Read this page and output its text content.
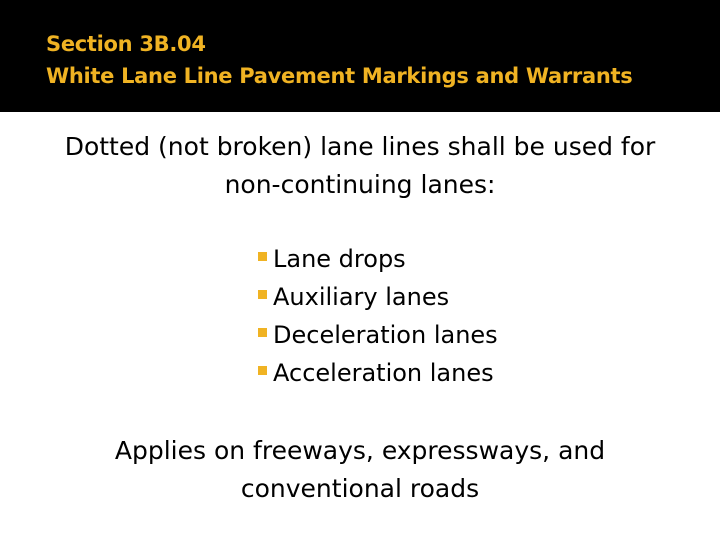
Section 3B.04
White Lane Line Pavement Markings and Warrants
Dotted (not broken) lane lines shall be used for
non-continuing lanes:
Lane drops
Auxiliary lanes
Deceleration lanes
Acceleration lanes
Applies on freeways, expressways, and
conventional roads
